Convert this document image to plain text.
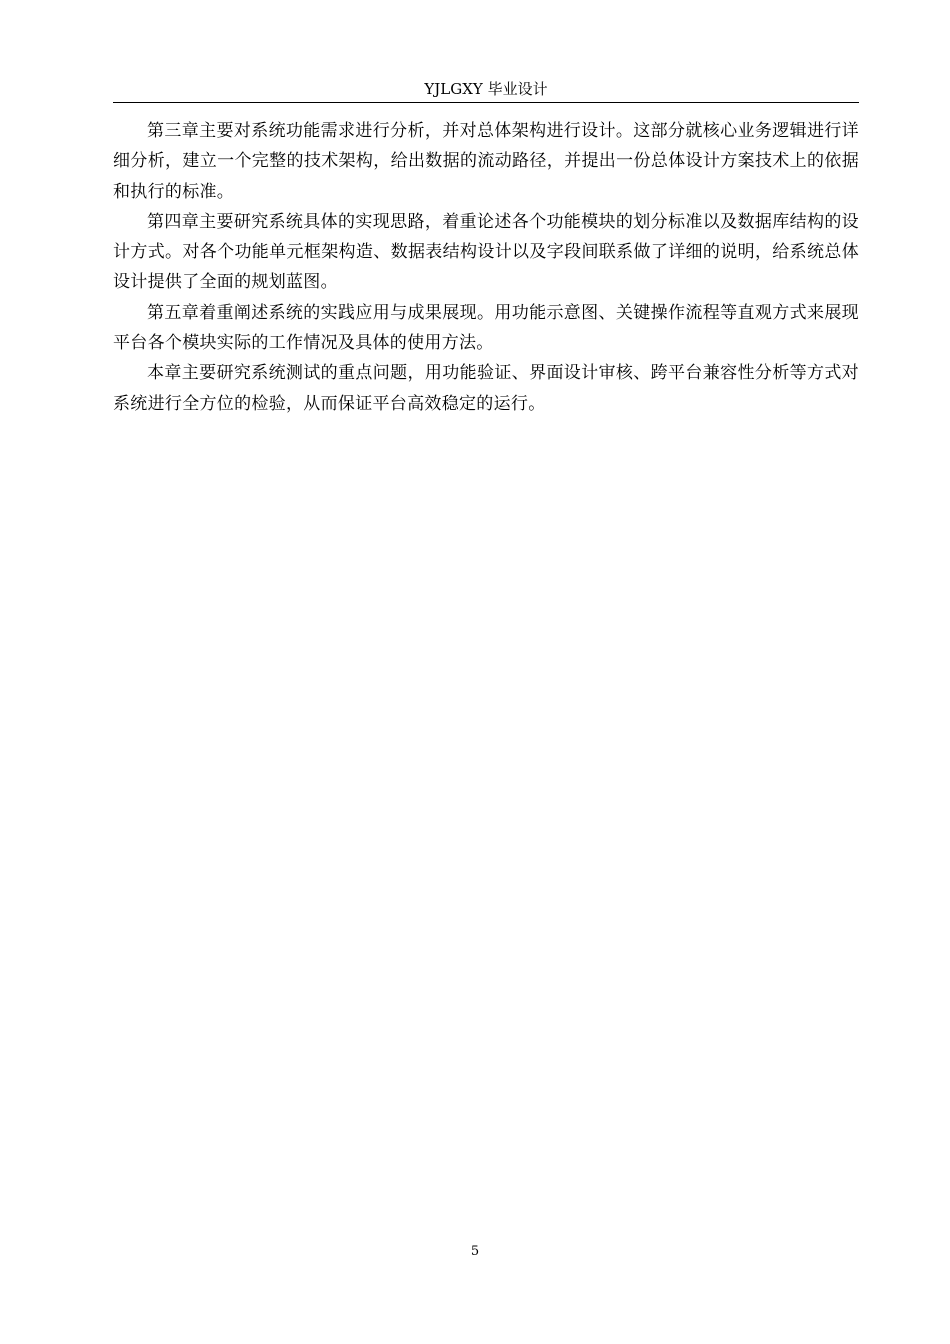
YJLGXY 毕业设计

第三章主要对系统功能需求进行分析，并对总体架构进行设计。这部分就核心业务逻辑进行详细分析，建立一个完整的技术架构，给出数据的流动路径，并提出一份总体设计方案技术上的依据和执行的标准。

第四章主要研究系统具体的实现思路，着重论述各个功能模块的划分标准以及数据库结构的设计方式。对各个功能单元框架构造、数据表结构设计以及字段间联系做了详细的说明，给系统总体设计提供了全面的规划蓝图。

第五章着重阐述系统的实践应用与成果展现。用功能示意图、关键操作流程等直观方式来展现平台各个模块实际的工作情况及具体的使用方法。

本章主要研究系统测试的重点问题，用功能验证、界面设计审核、跨平台兼容性分析等方式对系统进行全方位的检验，从而保证平台高效稳定的运行。

5
